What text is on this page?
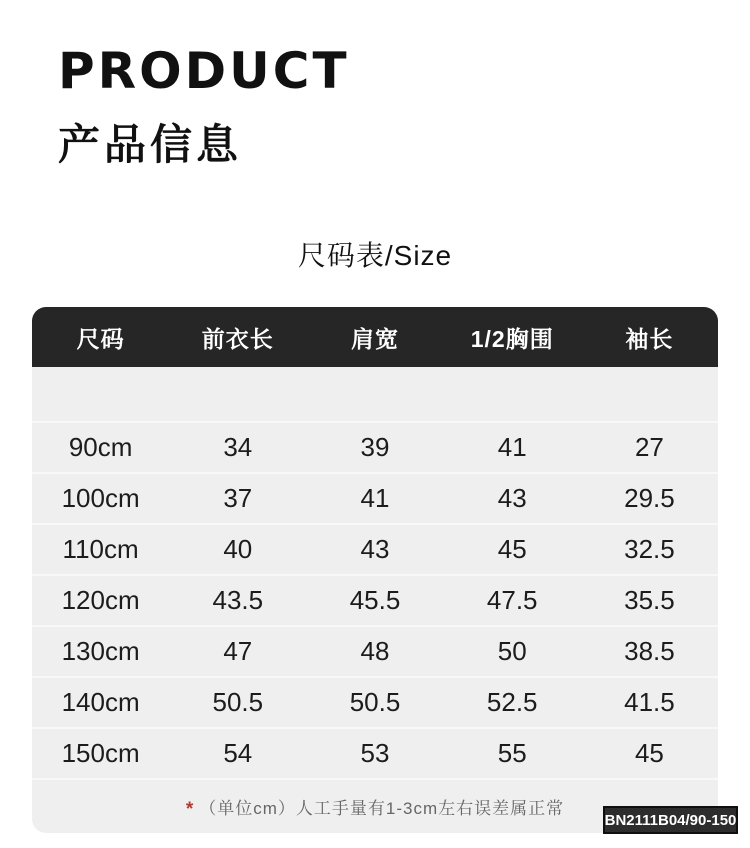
PRODUCT
产品信息
尺码表/Size
尺码	前衣长	肩宽	1/2胸围	袖长
90cm	34	39	41	27
100cm	37	41	43	29.5
110cm	40	43	45	32.5
120cm	43.5	45.5	47.5	35.5
130cm	47	48	50	38.5
140cm	50.5	50.5	52.5	41.5
150cm	54	53	55	45
* （单位cm）人工手量有1-3cm左右误差属正常
BN2111B04/90-150
